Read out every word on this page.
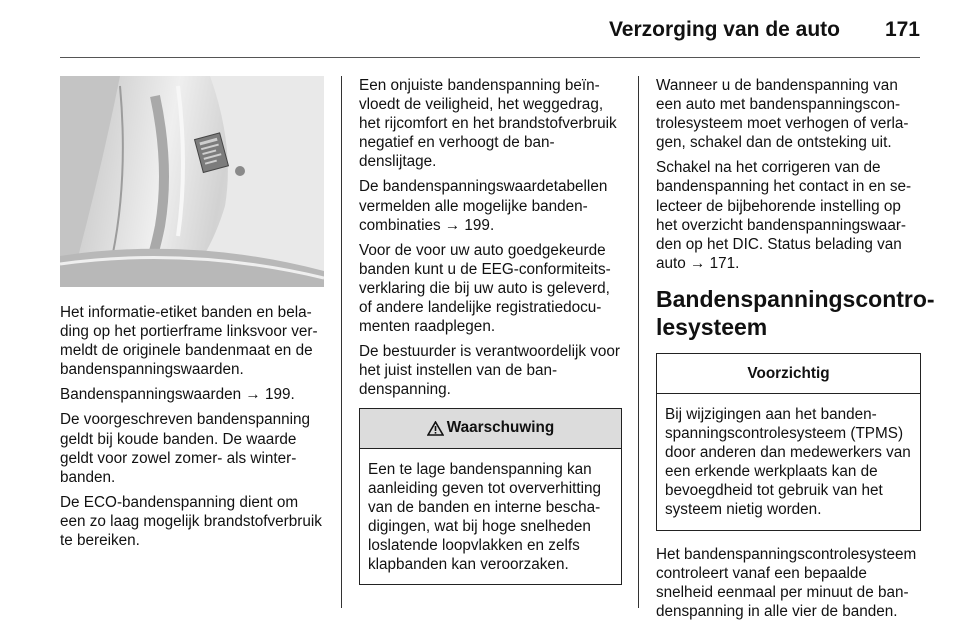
Verzorging van de auto 171

Het informatie-etiket banden en belading op het portierframe linksvoor vermeldt de originele bandenmaat en de bandenspanningswaarden.

Bandenspanningswaarden → 199.

De voorgeschreven bandenspanning geldt bij koude banden. De waarde geldt voor zowel zomer- als winterbanden.

De ECO-bandenspanning dient om een zo laag mogelijk brandstofverbruik te bereiken.

Een onjuiste bandenspanning beïnvloedt de veiligheid, het weggedrag, het rijcomfort en het brandstofverbruik negatief en verhoogt de bandenslijtage.

De bandenspanningswaardetabellen vermelden alle mogelijke bandencombinaties → 199.

Voor de voor uw auto goedgekeurde banden kunt u de EEG-conformiteitsverklaring die bij uw auto is geleverd, of andere landelijke registratiedocumenten raadplegen.

De bestuurder is verantwoordelijk voor het juist instellen van de bandenspanning.

Waarschuwing
Een te lage bandenspanning kan aanleiding geven tot oververhitting van de banden en interne beschadigingen, wat bij hoge snelheden loslatende loopvlakken en zelfs klapbanden kan veroorzaken.

Wanneer u de bandenspanning van een auto met bandenspanningscontrolesysteem moet verhogen of verlagen, schakel dan de ontsteking uit.

Schakel na het corrigeren van de bandenspanning het contact in en selecteer de bijbehorende instelling op het overzicht bandenspanningswaarden op het DIC. Status belading van auto → 171.

Bandenspanningscontrolesysteem
Voorzichtig
Bij wijzigingen aan het bandenspanningscontrolesysteem (TPMS) door anderen dan medewerkers van een erkende werkplaats kan de bevoegdheid tot gebruik van het systeem nietig worden.

Het bandenspanningscontrolesysteem controleert vanaf een bepaalde snelheid eenmaal per minuut de bandenspanning in alle vier de banden.
